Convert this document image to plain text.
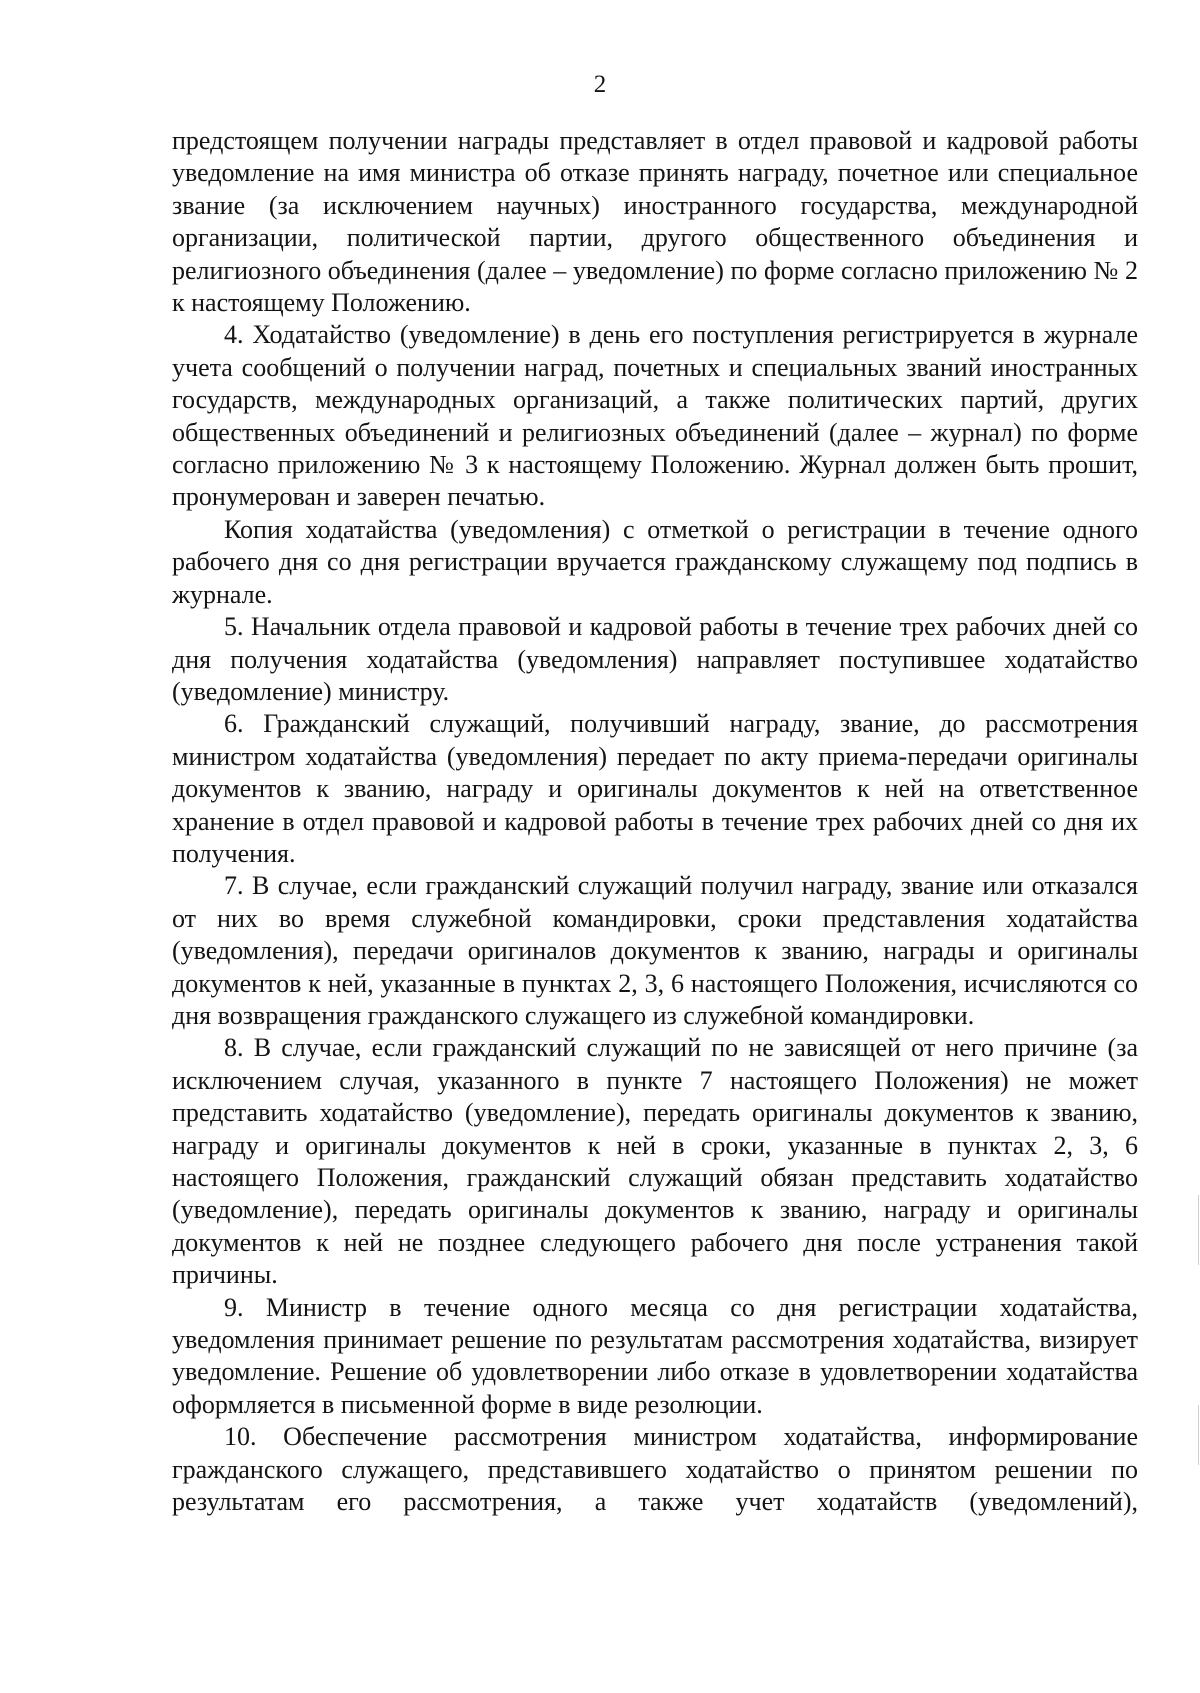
2

предстоящем получении награды представляет в отдел правовой и кадровой работы уведомление на имя министра об отказе принять награду, почетное или специальное звание (за исключением научных) иностранного государства, международной организации, политической партии, другого общественного объединения и религиозного объединения (далее – уведомление) по форме согласно приложению № 2 к настоящему Положению.

4. Ходатайство (уведомление) в день его поступления регистрируется в журнале учета сообщений о получении наград, почетных и специальных званий иностранных государств, международных организаций, а также политических партий, других общественных объединений и религиозных объединений (далее – журнал) по форме согласно приложению № 3 к настоящему Положению. Журнал должен быть прошит, пронумерован и заверен печатью.

Копия ходатайства (уведомления) с отметкой о регистрации в течение одного рабочего дня со дня регистрации вручается гражданскому служащему под подпись в журнале.

5. Начальник отдела правовой и кадровой работы в течение трех рабочих дней со дня получения ходатайства (уведомления) направляет поступившее ходатайство (уведомление) министру.

6. Гражданский служащий, получивший награду, звание, до рассмотрения министром ходатайства (уведомления) передает по акту приема-передачи оригиналы документов к званию, награду и оригиналы документов к ней на ответственное хранение в отдел правовой и кадровой работы в течение трех рабочих дней со дня их получения.

7. В случае, если гражданский служащий получил награду, звание или отказался от них во время служебной командировки, сроки представления ходатайства (уведомления), передачи оригиналов документов к званию, награды и оригиналы документов к ней, указанные в пунктах 2, 3, 6 настоящего Положения, исчисляются со дня возвращения гражданского служащего из служебной командировки.

8. В случае, если гражданский служащий по не зависящей от него причине (за исключением случая, указанного в пункте 7 настоящего Положения) не может представить ходатайство (уведомление), передать оригиналы документов к званию, награду и оригиналы документов к ней в сроки, указанные в пунктах 2, 3, 6 настоящего Положения, гражданский служащий обязан представить ходатайство (уведомление), передать оригиналы документов к званию, награду и оригиналы документов к ней не позднее следующего рабочего дня после устранения такой причины.

9. Министр в течение одного месяца со дня регистрации ходатайства, уведомления принимает решение по результатам рассмотрения ходатайства, визирует уведомление. Решение об удовлетворении либо отказе в удовлетворении ходатайства оформляется в письменной форме в виде резолюции.

10. Обеспечение рассмотрения министром ходатайства, информирование гражданского служащего, представившего ходатайство о принятом решении по результатам его рассмотрения, а также учет ходатайств (уведомлений),
